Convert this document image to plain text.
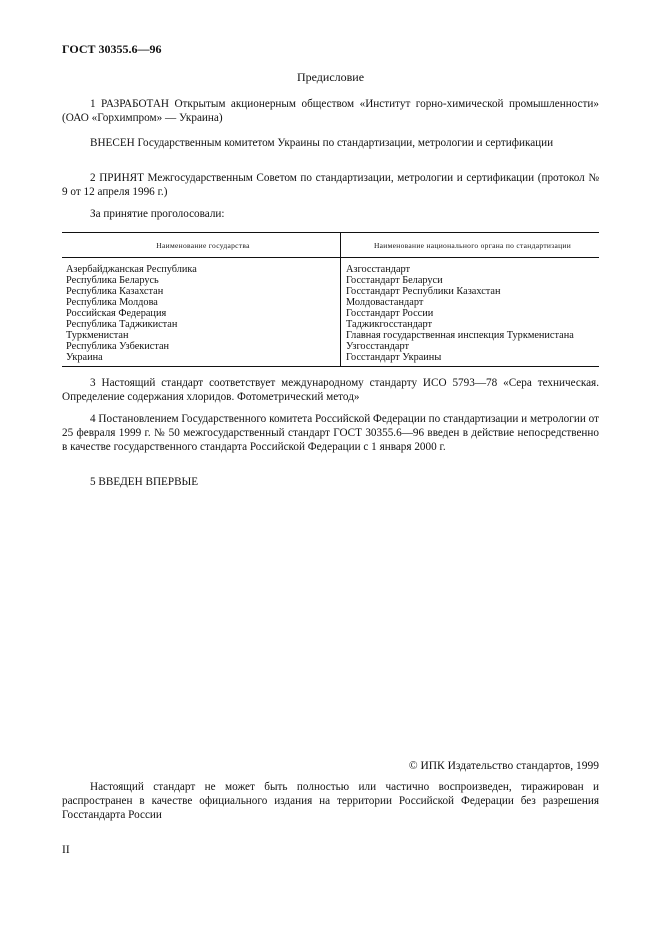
ГОСТ 30355.6—96
Предисловие
1 РАЗРАБОТАН Открытым акционерным обществом «Институт горно-химической промышленности» (ОАО «Горхимпром» — Украина)
ВНЕСЕН Государственным комитетом Украины по стандартизации, метрологии и сертификации
2 ПРИНЯТ Межгосударственным Советом по стандартизации, метрологии и сертификации (протокол № 9 от 12 апреля 1996 г.)
За принятие проголосовали:
Наименование государства	Наименование национального органа по стандартизации
Азербайджанская Республика	Азгосстандарт
Республика Беларусь	Госстандарт Беларуси
Республика Казахстан	Госстандарт Республики Казахстан
Республика Молдова	Молдовастандарт
Российская Федерация	Госстандарт России
Республика Таджикистан	Таджикгосстандарт
Туркменистан	Главная государственная инспекция Туркменистана
Республика Узбекистан	Узгосстандарт
Украина	Госстандарт Украины
3 Настоящий стандарт соответствует международному стандарту ИСО 5793—78 «Сера техническая. Определение содержания хлоридов. Фотометрический метод»
4 Постановлением Государственного комитета Российской Федерации по стандартизации и метрологии от 25 февраля 1999 г. № 50 межгосударственный стандарт ГОСТ 30355.6—96 введен в действие непосредственно в качестве государственного стандарта Российской Федерации с 1 января 2000 г.
5 ВВЕДЕН ВПЕРВЫЕ
© ИПК Издательство стандартов, 1999
Настоящий стандарт не может быть полностью или частично воспроизведен, тиражирован и распространен в качестве официального издания на территории Российской Федерации без разрешения Госстандарта России
II
